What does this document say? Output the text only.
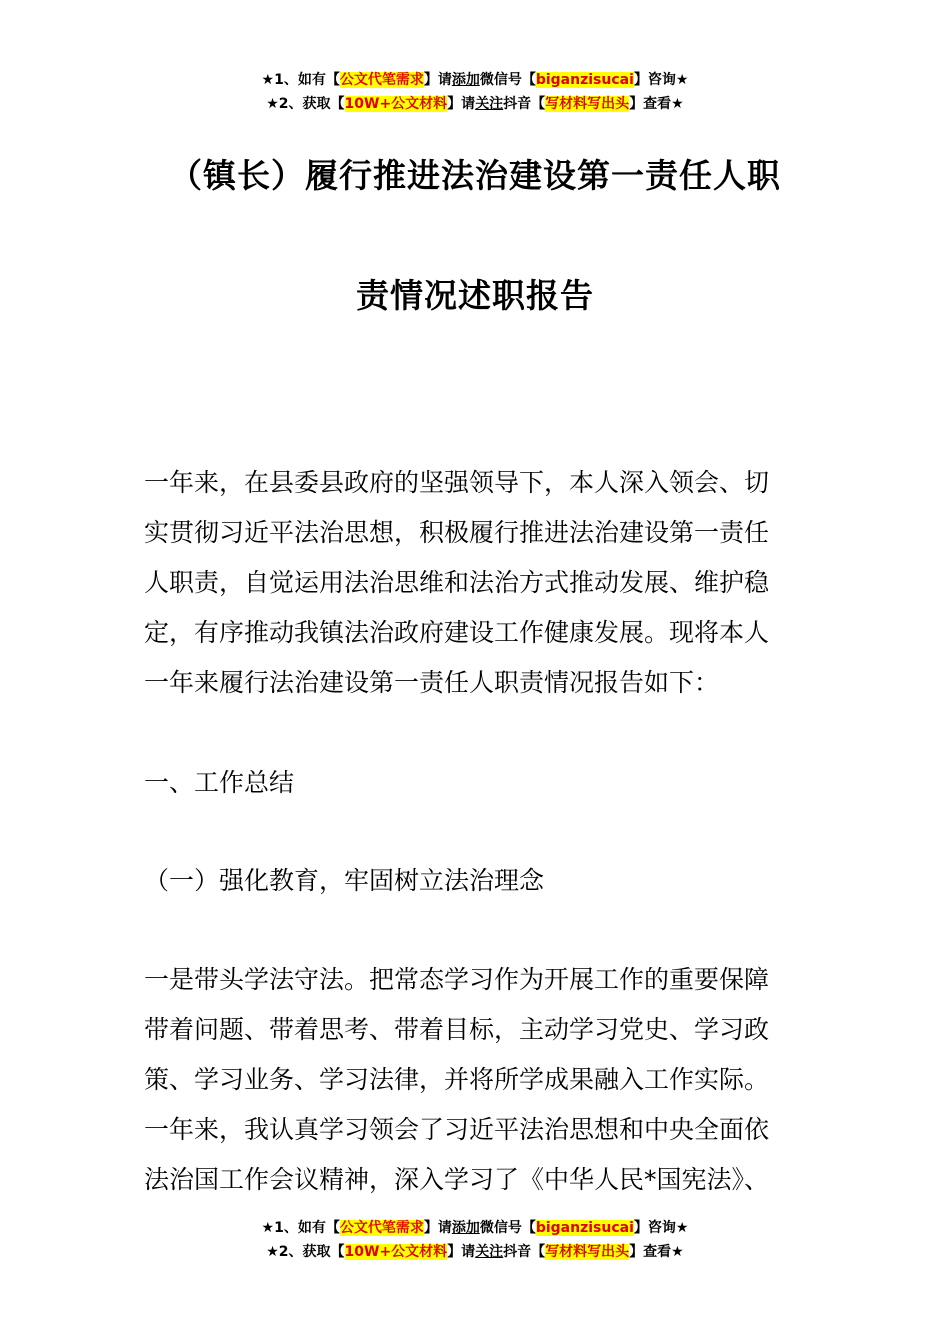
★1、如有【公文代笔需求】请添加微信号【biganzisucai】咨询★
★2、获取【10W+公文材料】请关注抖音【写材料写出头】查看★
（镇长）履行推进法治建设第一责任人职
责情况述职报告
一年来，在县委县政府的坚强领导下，本人深入领会、切
实贯彻习近平法治思想，积极履行推进法治建设第一责任
人职责，自觉运用法治思维和法治方式推动发展、维护稳
定，有序推动我镇法治政府建设工作健康发展。现将本人
一年来履行法治建设第一责任人职责情况报告如下：
一、工作总结
（一）强化教育，牢固树立法治理念
一是带头学法守法。把常态学习作为开展工作的重要保障
带着问题、带着思考、带着目标，主动学习党史、学习政
策、学习业务、学习法律，并将所学成果融入工作实际。
一年来，我认真学习领会了习近平法治思想和中央全面依
法治国工作会议精神，深入学习了《中华人民*国宪法》、
★1、如有【公文代笔需求】请添加微信号【biganzisucai】咨询★
★2、获取【10W+公文材料】请关注抖音【写材料写出头】查看★
